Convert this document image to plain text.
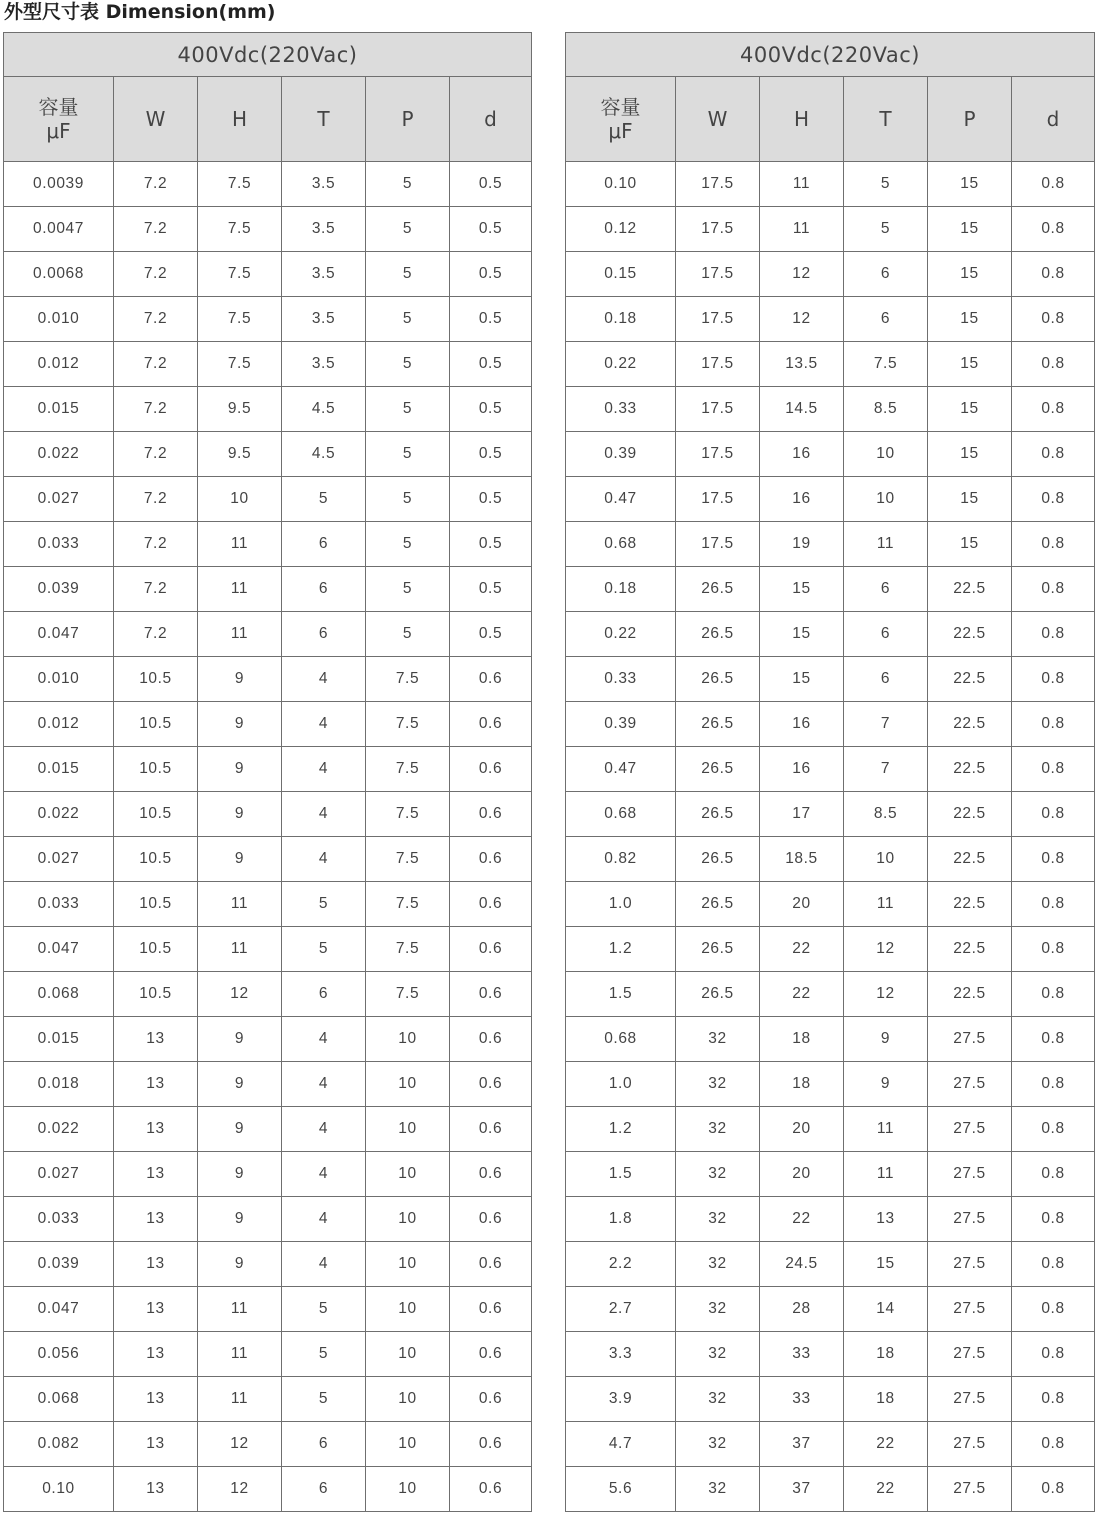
外型尺寸表 Dimension(mm)
400Vdc(220Vac)					

容量
μF	W	H	T	P	d
0.0039	7.2	7.5	3.5	5	0.5
0.0047	7.2	7.5	3.5	5	0.5
0.0068	7.2	7.5	3.5	5	0.5
0.010	7.2	7.5	3.5	5	0.5
0.012	7.2	7.5	3.5	5	0.5
0.015	7.2	9.5	4.5	5	0.5
0.022	7.2	9.5	4.5	5	0.5
0.027	7.2	10	5	5	0.5
0.033	7.2	11	6	5	0.5
0.039	7.2	11	6	5	0.5
0.047	7.2	11	6	5	0.5
0.010	10.5	9	4	7.5	0.6
0.012	10.5	9	4	7.5	0.6
0.015	10.5	9	4	7.5	0.6
0.022	10.5	9	4	7.5	0.6
0.027	10.5	9	4	7.5	0.6
0.033	10.5	11	5	7.5	0.6
0.047	10.5	11	5	7.5	0.6
0.068	10.5	12	6	7.5	0.6
0.015	13	9	4	10	0.6
0.018	13	9	4	10	0.6
0.022	13	9	4	10	0.6
0.027	13	9	4	10	0.6
0.033	13	9	4	10	0.6
0.039	13	9	4	10	0.6
0.047	13	11	5	10	0.6
0.056	13	11	5	10	0.6
0.068	13	11	5	10	0.6
0.082	13	12	6	10	0.6
0.10	13	12	6	10	0.6
400Vdc(220Vac)					

容量
μF	W	H	T	P	d
0.10	17.5	11	5	15	0.8
0.12	17.5	11	5	15	0.8
0.15	17.5	12	6	15	0.8
0.18	17.5	12	6	15	0.8
0.22	17.5	13.5	7.5	15	0.8
0.33	17.5	14.5	8.5	15	0.8
0.39	17.5	16	10	15	0.8
0.47	17.5	16	10	15	0.8
0.68	17.5	19	11	15	0.8
0.18	26.5	15	6	22.5	0.8
0.22	26.5	15	6	22.5	0.8
0.33	26.5	15	6	22.5	0.8
0.39	26.5	16	7	22.5	0.8
0.47	26.5	16	7	22.5	0.8
0.68	26.5	17	8.5	22.5	0.8
0.82	26.5	18.5	10	22.5	0.8
1.0	26.5	20	11	22.5	0.8
1.2	26.5	22	12	22.5	0.8
1.5	26.5	22	12	22.5	0.8
0.68	32	18	9	27.5	0.8
1.0	32	18	9	27.5	0.8
1.2	32	20	11	27.5	0.8
1.5	32	20	11	27.5	0.8
1.8	32	22	13	27.5	0.8
2.2	32	24.5	15	27.5	0.8
2.7	32	28	14	27.5	0.8
3.3	32	33	18	27.5	0.8
3.9	32	33	18	27.5	0.8
4.7	32	37	22	27.5	0.8
5.6	32	37	22	27.5	0.8
